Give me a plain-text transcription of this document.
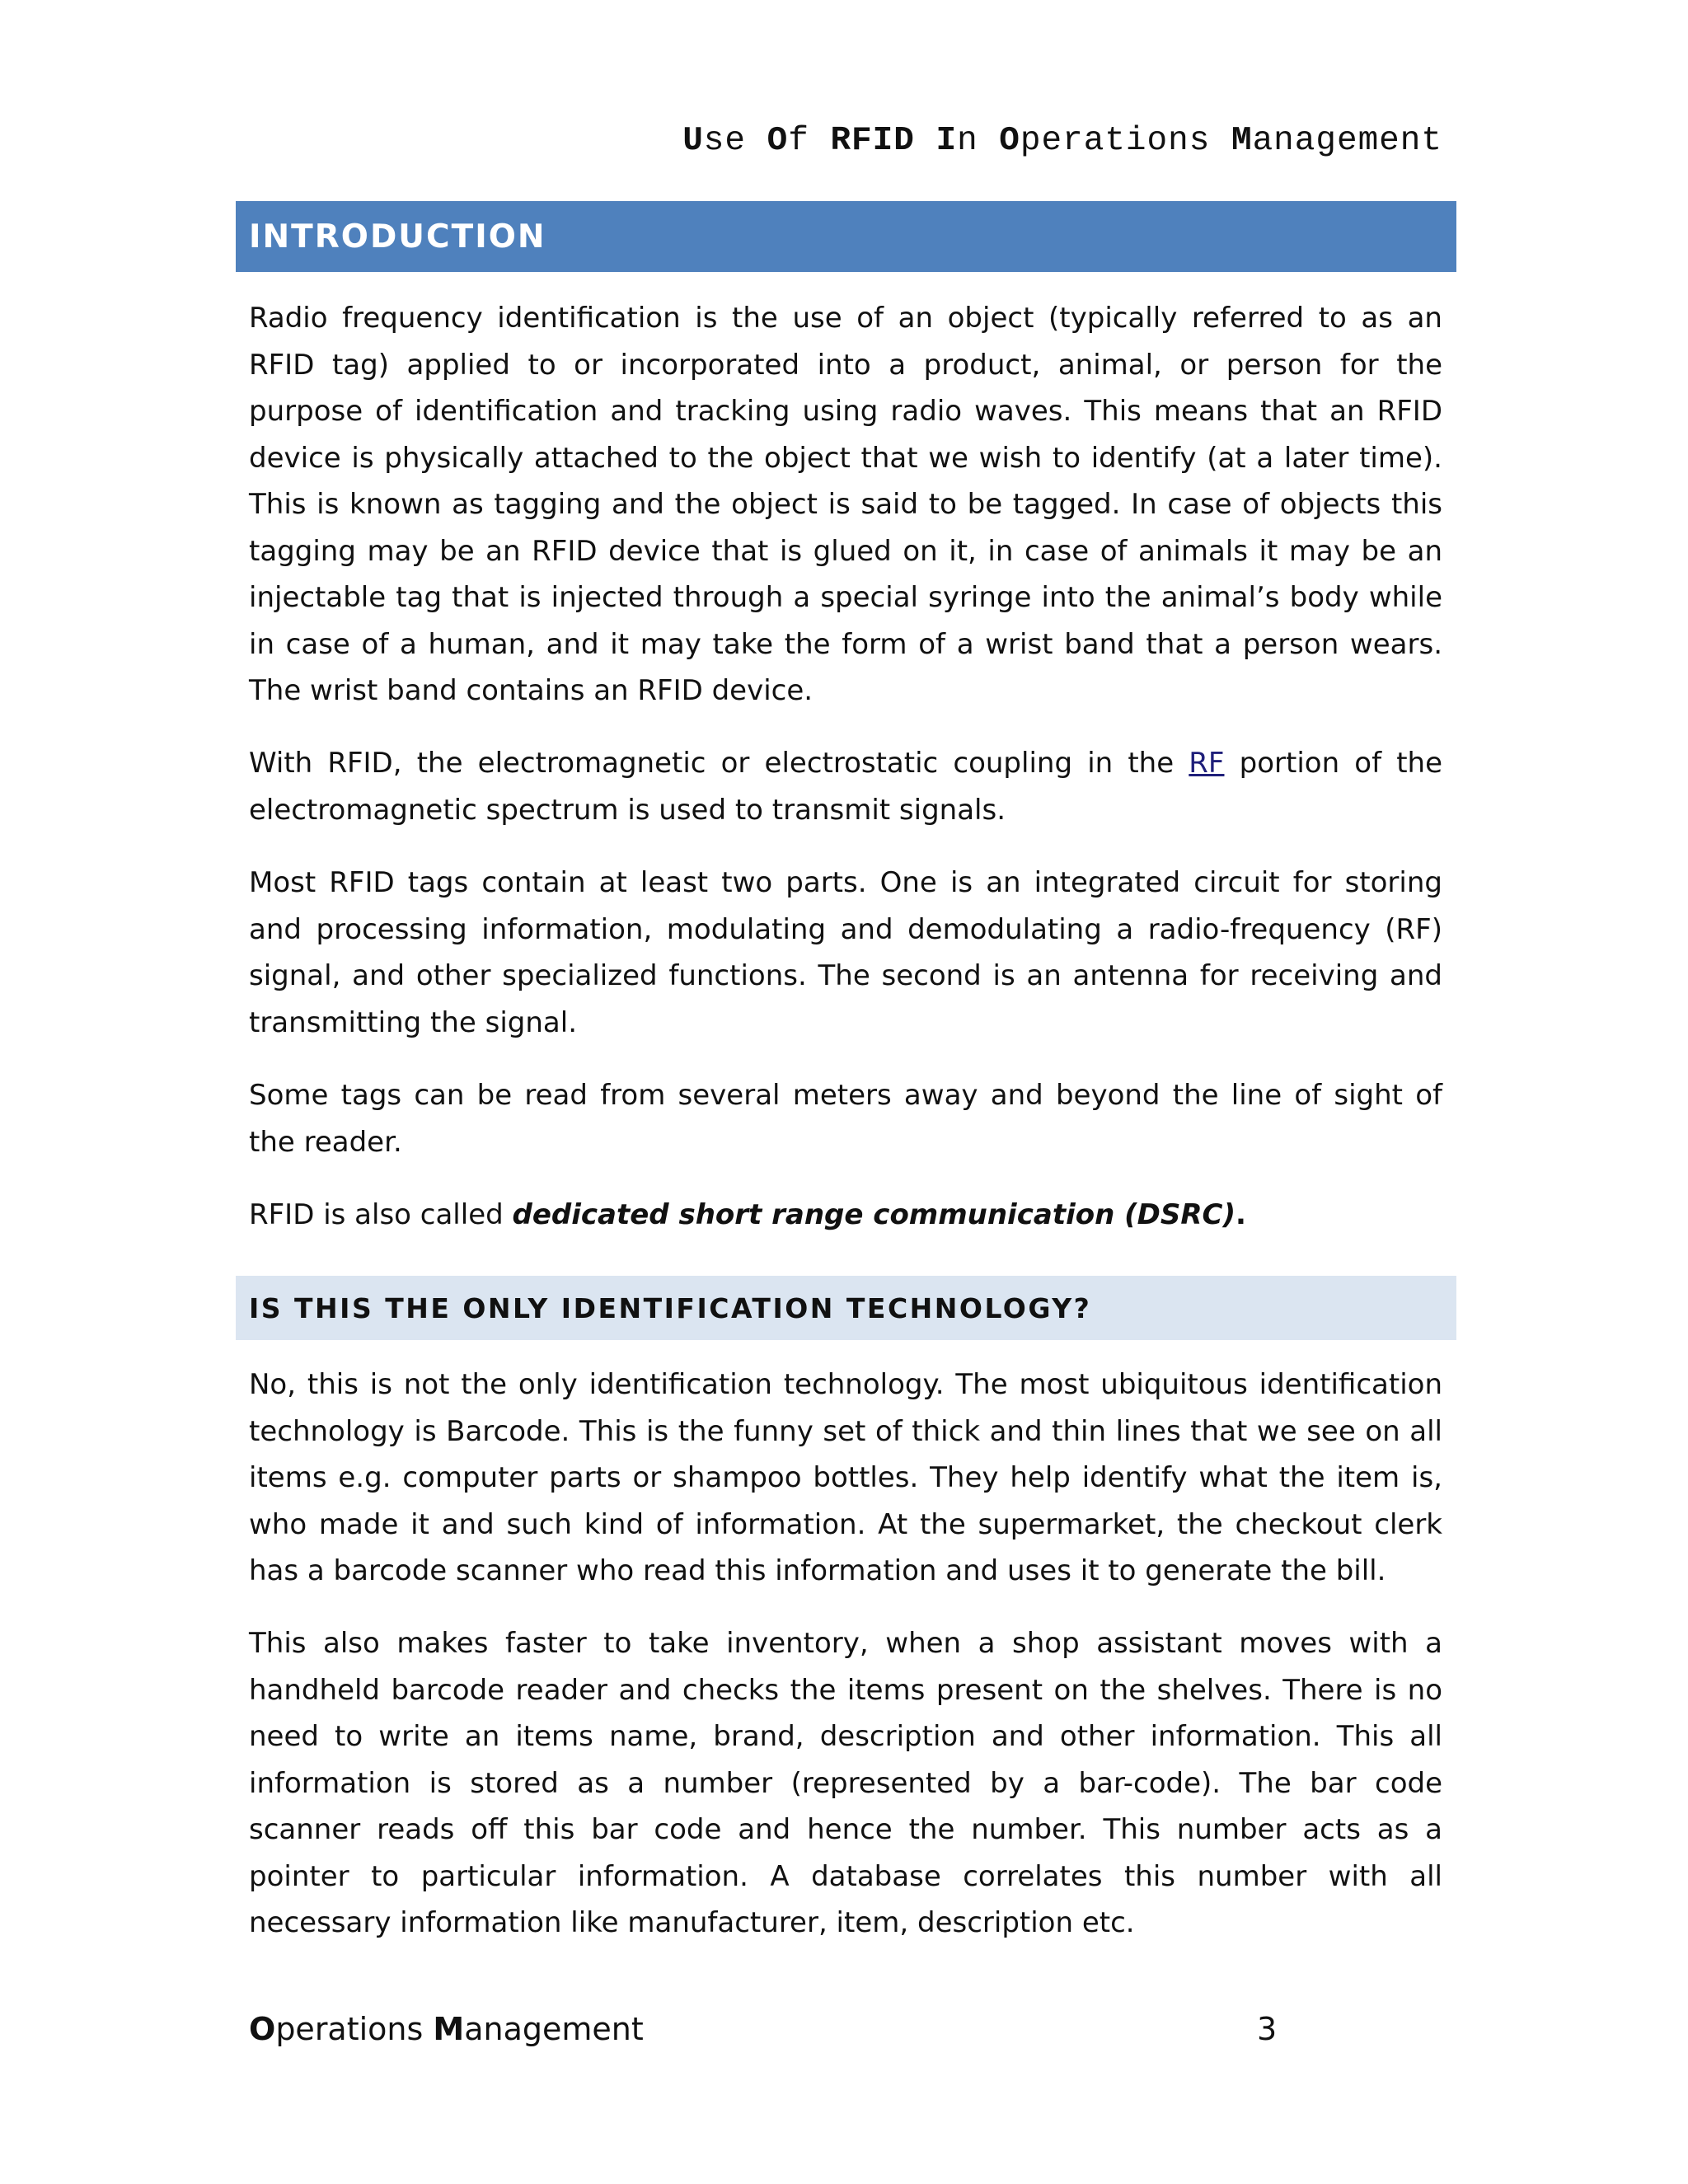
Use Of RFID In Operations Management
INTRODUCTION

Radio frequency identification is the use of an object (typically referred to as an RFID tag) applied to or incorporated into a product, animal, or person for the purpose of identification and tracking using radio waves. This means that an RFID device is physically attached to the object that we wish to identify (at a later time). This is known as tagging and the object is said to be tagged. In case of objects this tagging may be an RFID device that is glued on it, in case of animals it may be an injectable tag that is injected through a special syringe into the animal’s body while in case of a human, and it may take the form of a wrist band that a person wears. The wrist band contains an RFID device.

With RFID, the electromagnetic or electrostatic coupling in the RF portion of the electromagnetic spectrum is used to transmit signals.

Most RFID tags contain at least two parts. One is an integrated circuit for storing and processing information, modulating and demodulating a radio-frequency (RF) signal, and other specialized functions. The second is an antenna for receiving and transmitting the signal.

Some tags can be read from several meters away and beyond the line of sight of the reader.

RFID is also called dedicated short range communication (DSRC).

IS THIS THE ONLY IDENTIFICATION TECHNOLOGY?

No, this is not the only identification technology. The most ubiquitous identification technology is Barcode. This is the funny set of thick and thin lines that we see on all items e.g. computer parts or shampoo bottles. They help identify what the item is, who made it and such kind of information. At the supermarket, the checkout clerk has a barcode scanner who read this information and uses it to generate the bill.

This also makes faster to take inventory, when a shop assistant moves with a handheld barcode reader and checks the items present on the shelves. There is no need to write an items name, brand, description and other information. This all information is stored as a number (represented by a bar-code). The bar code scanner reads off this bar code and hence the number. This number acts as a pointer to particular information. A database correlates this number with all necessary information like manufacturer, item, description etc.

Operations Management	3
